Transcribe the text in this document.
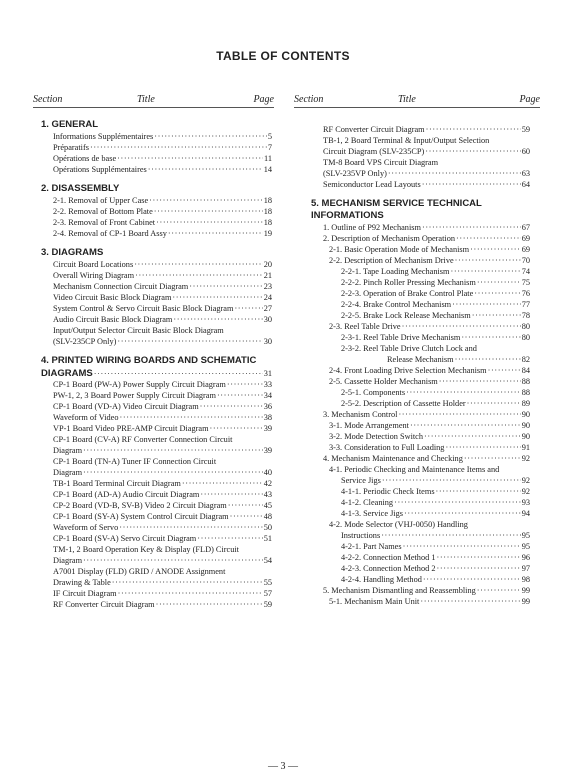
TABLE OF CONTENTS
Section	Title	Page Section	Title	Page
1. GENERAL
Informations Supplémentaires ·····	5
Préparatifs ·····	7
Opérations de base ·····	11
Opérations Supplémentaires ·····	14
2. DISASSEMBLY
2-1. Removal of Upper Case ·····	18
2-2. Removal of Bottom Plate ·····	18
2-3. Removal of Front Cabinet ·····	18
2-4. Removal of CP-1 Board Assy ·····	19
3. DIAGRAMS
Circuit Board Locations ·····	20
Overall Wiring Diagram ·····	21
Mechanism Connection Circuit Diagram ·····	23
Video Circuit Basic Block Diagram ·····	24
System Control & Servo Circuit Basic Block Diagram ·····	27
Audio Circuit Basic Block Diagram ·····	30
Input/Output Selector Circuit Basic Block Diagram
(SLV-235CP Only) ·····	30
4. PRINTED WIRING BOARDS AND SCHEMATIC
DIAGRAMS ·····	31
CP-1 Board (PW-A) Power Supply Circuit Diagram ·····	33
PW-1, 2, 3 Board Power Supply Circuit Diagram ·····	34
CP-1 Board (VD-A) Video Circuit Diagram ·····	36
Waveform of Video ·····	38
VP-1 Board Video PRE-AMP Circuit Diagram ·····	39
CP-1 Board (CV-A) RF Converter Connection Circuit
Diagram ·····	39
CP-1 Board (TN-A) Tuner IF Connection Circuit
Diagram ·····	40
TB-1 Board Terminal Circuit Diagram ·····	42
CP-1 Board (AD-A) Audio Circuit Diagram ·····	43
CP-2 Board (VD-B, SV-B) Video 2 Circuit Diagram ·····	45
CP-1 Board (SY-A) System Control Circuit Diagram ·····	48
Waveform of Servo ·····	50
CP-1 Board (SV-A) Servo Circuit Diagram ·····	51
TM-1, 2 Board Operation Key & Display (FLD) Circuit
Diagram ·····	54
A7001 Display (FLD) GRID / ANODE Assignment
Drawing & Table ·····	55
IF Circuit Diagram ·····	57
RF Converter Circuit Diagram ·····	59
RF Converter Circuit Diagram ·····	59
TB-1, 2 Board Terminal & Input/Output Selection
Circuit Diagram (SLV-235CP) ·····	60
TM-8 Board VPS Circuit Diagram
(SLV-235VP Only) ·····	63
Semiconductor Lead Layouts ·····	64
5. MECHANISM SERVICE TECHNICAL
INFORMATIONS
1. Outline of P92 Mechanism ·····	67
2. Description of Mechanism Operation ·····	69
2-1. Basic Operation Mode of Mechanism ·····	69
2-2. Description of Mechanism Drive ·····	70
2-2-1. Tape Loading Mechanism ·····	74
2-2-2. Pinch Roller Pressing Mechanism ·····	75
2-2-3. Operation of Brake Control Plate ·····	76
2-2-4. Brake Control Mechanism ·····	77
2-2-5. Brake Lock Release Mechanism ·····	78
2-3. Reel Table Drive ·····	80
2-3-1. Reel Table Drive Mechanism ·····	80
2-3-2. Reel Table Drive Clutch Lock and
Release Mechanism ·····	82
2-4. Front Loading Drive Selection Mechanism ·····	84
2-5. Cassette Holder Mechanism ·····	88
2-5-1. Components ·····	88
2-5-2. Description of Cassette Holder ·····	89
3. Mechanism Control ·····	90
3-1. Mode Arrangement ·····	90
3-2. Mode Detection Switch ·····	90
3-3. Consideration to Full Loading ·····	91
4. Mechanism Maintenance and Checking ·····	92
4-1. Periodic Checking and Maintenance Items and
Service Jigs ·····	92
4-1-1. Periodic Check Items ·····	92
4-1-2. Cleaning ·····	93
4-1-3. Service Jigs ·····	94
4-2. Mode Selector (VHJ-0050) Handling
Instructions ·····	95
4-2-1. Part Names ·····	95
4-2-2. Connection Method 1 ·····	96
4-2-3. Connection Method 2 ·····	97
4-2-4. Handling Method ·····	98
5. Mechanism Dismantling and Reassembling ·····	99
5-1. Mechanism Main Unit ·····	99
— 3 —
